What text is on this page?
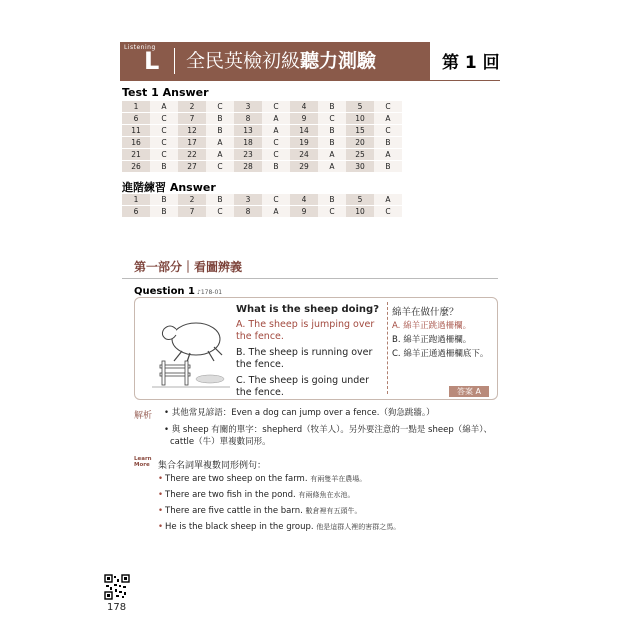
Listening
L 全民英檢初級聽力測驗	第 1 回
Test 1 Answer
1	A	2	C	3	C	4	B	5	C
6	C	7	B	8	A	9	C	10	A
11	C	12	B	13	A	14	B	15	C
16	C	17	A	18	C	19	B	20	B
21	C	22	A	23	C	24	A	25	A
26	B	27	C	28	B	29	A	30	B
進階練習 Answer
1	B	2	B	3	C	4	B	5	A
6	B	7	C	8	A	9	C	10	C
第一部分｜看圖辨義
Question 1 ♪178-01
What is the sheep doing?
A. The sheep is jumping over the fence.
B. The sheep is running over the fence.
C. The sheep is going under the fence.
綿羊在做什麼？
A. 綿羊正跳過柵欄。
B. 綿羊正跑過柵欄。
C. 綿羊正通過柵欄底下。
答案 A
解析 • 其他常見諺語：Even a dog can jump over a fence.（狗急跳牆。）
• 與 sheep 有關的單字：shepherd（牧羊人）。另外要注意的一點是 sheep（綿羊）、
cattle（牛）單複數同形。
Learn
More 集合名詞單複數同形例句：
• There are two sheep on the farm. 有兩隻羊在農場。
• There are two fish in the pond. 有兩條魚在水池。
• There are five cattle in the barn. 數倉裡有五頭牛。
• He is the black sheep in the group. 他是這群人裡的害群之馬。
178
